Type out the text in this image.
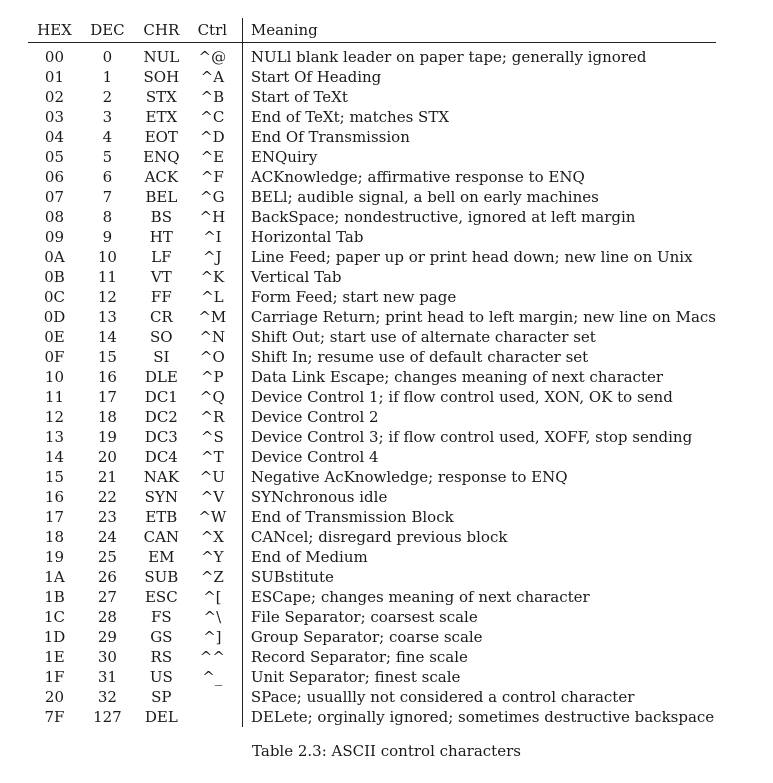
HEX	DEC	CHR	Ctrl	Meaning
00	0	NUL	^@	NULl blank leader on paper tape; generally ignored
01	1	SOH	^A	Start Of Heading
02	2	STX	^B	Start of TeXt
03	3	ETX	^C	End of TeXt; matches STX
04	4	EOT	^D	End Of Transmission
05	5	ENQ	^E	ENQuiry
06	6	ACK	^F	ACKnowledge; affirmative response to ENQ
07	7	BEL	^G	BELl; audible signal, a bell on early machines
08	8	BS	^H	BackSpace; nondestructive, ignored at left margin
09	9	HT	^I	Horizontal Tab
0A	10	LF	^J	Line Feed; paper up or print head down; new line on Unix
0B	11	VT	^K	Vertical Tab
0C	12	FF	^L	Form Feed; start new page
0D	13	CR	^M	Carriage Return; print head to left margin; new line on Macs
0E	14	SO	^N	Shift Out; start use of alternate character set
0F	15	SI	^O	Shift In; resume use of default character set
10	16	DLE	^P	Data Link Escape; changes meaning of next character
11	17	DC1	^Q	Device Control 1; if flow control used, XON, OK to send
12	18	DC2	^R	Device Control 2
13	19	DC3	^S	Device Control 3; if flow control used, XOFF, stop sending
14	20	DC4	^T	Device Control 4
15	21	NAK	^U	Negative AcKnowledge; response to ENQ
16	22	SYN	^V	SYNchronous idle
17	23	ETB	^W	End of Transmission Block
18	24	CAN	^X	CANcel; disregard previous block
19	25	EM	^Y	End of Medium
1A	26	SUB	^Z	SUBstitute
1B	27	ESC	^[	ESCape; changes meaning of next character
1C	28	FS	^\	File Separator; coarsest scale
1D	29	GS	^]	Group Separator; coarse scale
1E	30	RS	^^	Record Separator; fine scale
1F	31	US	^_	Unit Separator; finest scale
20	32	SP		SPace; usuallly not considered a control character
7F	127	DEL		DELete; orginally ignored; sometimes destructive backspace
Table 2.3: ASCII control characters
